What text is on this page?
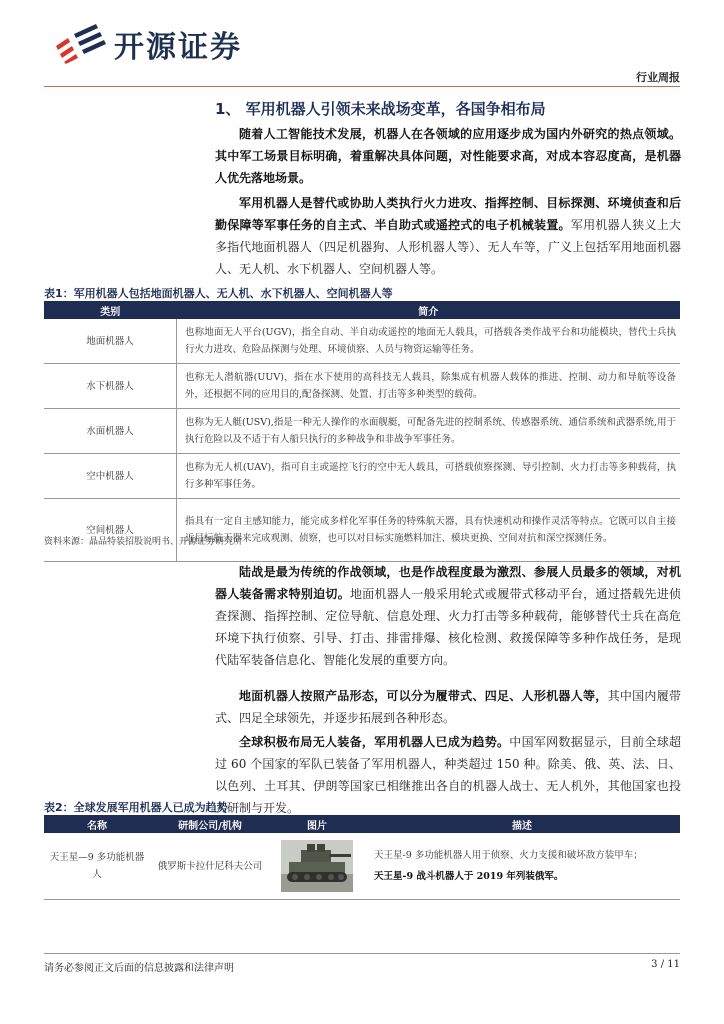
开源证券
行业周报
1、 军用机器人引领未来战场变革，各国争相布局
随着人工智能技术发展，机器人在各领域的应用逐步成为国内外研究的热点领域。其中军工场景目标明确，着重解决具体问题，对性能要求高，对成本容忍度高，是机器人优先落地场景。
军用机器人是替代或协助人类执行火力进攻、指挥控制、目标探测、环境侦查和后勤保障等军事任务的自主式、半自助式或遥控式的电子机械装置。军用机器人狭义上大多指代地面机器人（四足机器狗、人形机器人等）、无人车等，广义上包括军用地面机器人、无人机、水下机器人、空间机器人等。
表1：军用机器人包括地面机器人、无人机、水下机器人、空间机器人等
类别	简介
地面机器人	也称地面无人平台(UGV)，指全自动、半自动或遥控的地面无人载具，可搭载各类作战平台和功能模块，替代士兵执行火力进攻、危险品探测与处理、环境侦察、人员与物资运输等任务。
水下机器人	也称无人潜航器(UUV)，指在水下使用的高科技无人载具，除集成有机器人载体的推进、控制、动力和导航等设备外，还根据不同的应用目的,配备探测、处置、打击等多种类型的载荷。
水面机器人	也称为无人艇(USV),指是一种无人操作的水面舰艇，可配备先进的控制系统、传感器系统、通信系统和武器系统,用于执行危险以及不适于有人船只执行的多种战争和非战争军事任务。
空中机器人	也称为无人机(UAV)，指可自主或遥控飞行的空中无人载具，可搭载侦察探测、导引控制、火力打击等多种载荷，执行多种军事任务。
空间机器人	指具有一定自主感知能力，能完成多样化军事任务的特殊航天器，具有快速机动和操作灵活等特点。它既可以自主接近目标航天器来完成观测、侦察，也可以对目标实施燃料加注、模块更换、空间对抗和深空探测任务。
资料来源：晶品特装招股说明书、开源证券研究所
陆战是最为传统的作战领域，也是作战程度最为激烈、参展人员最多的领域，对机器人装备需求特别迫切。地面机器人一般采用轮式或履带式移动平台，通过搭载先进侦查探测、指挥控制、定位导航、信息处理、火力打击等多种载荷，能够替代士兵在高危环境下执行侦察、引导、打击、排雷排爆、核化检测、救援保障等多种作战任务，是现代陆军装备信息化、智能化发展的重要方向。
地面机器人按照产品形态，可以分为履带式、四足、人形机器人等，其中国内履带式、四足全球领先，并逐步拓展到各种形态。
全球积极布局无人装备，军用机器人已成为趋势。中国军网数据显示，目前全球超过 60 个国家的军队已装备了军用机器人，种类超过 150 种。除美、俄、英、法、日、以色列、土耳其、伊朗等国家已相继推出各自的机器人战士、无人机外，其他国家也投入研制与开发。
表2：全球发展军用机器人已成为趋势
名称	研制公司/机构	图片	描述
天王星—9 多功能机器人	俄罗斯卡拉什尼科夫公司		天王星-9 多功能机器人用于侦察、火力支援和破坏敌方装甲车；
天王星-9 战斗机器人于 2019 年列装俄军。
请务必参阅正文后面的信息披露和法律声明	3 / 11
